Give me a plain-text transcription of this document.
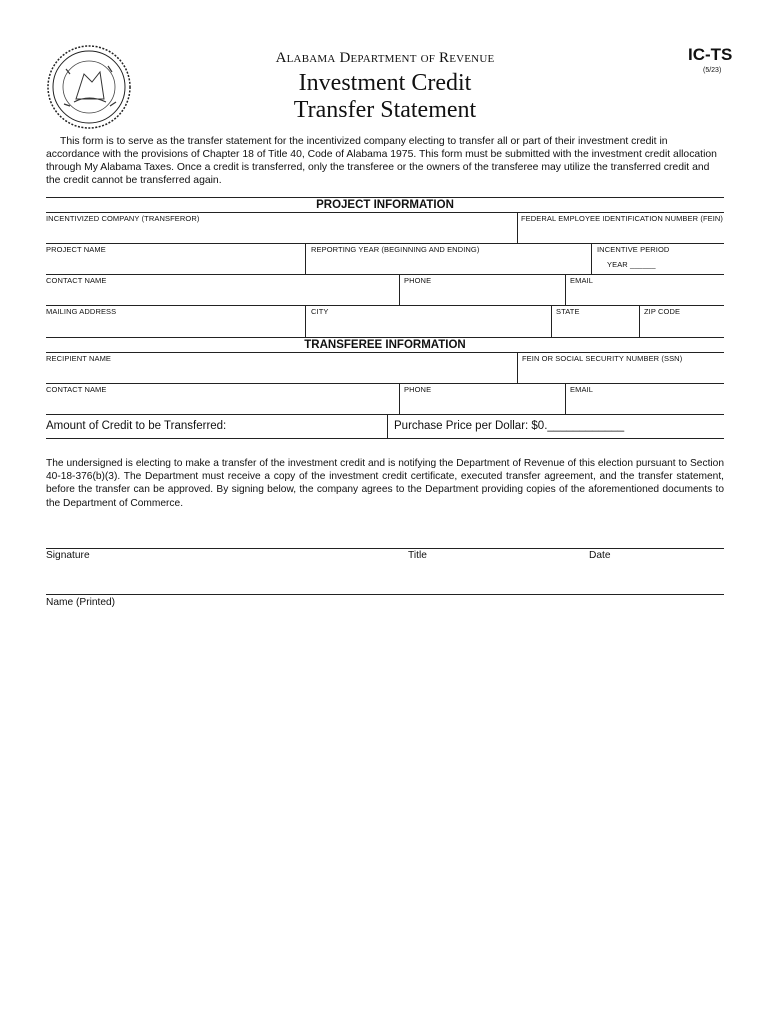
Alabama Department of Revenue
Investment Credit
Transfer Statement
IC-TS
(5/23)
This form is to serve as the transfer statement for the incentivized company electing to transfer all or part of their investment credit in accordance with the provisions of Chapter 18 of Title 40, Code of Alabama 1975. This form must be submitted with the investment credit allocation through My Alabama Taxes. Once a credit is transferred, only the transferee or the owners of the transferee may utilize the transferred credit and the credit cannot be transferred again.
PROJECT INFORMATION
INCENTIVIZED COMPANY (TRANSFEROR)	FEDERAL EMPLOYEE IDENTIFICATION NUMBER (FEIN)
PROJECT NAME	REPORTING YEAR (BEGINNING AND ENDING)	INCENTIVE PERIOD
YEAR ______
CONTACT NAME	PHONE	EMAIL
MAILING ADDRESS	CITY	STATE	ZIP CODE
TRANSFEREE INFORMATION
RECIPIENT NAME	FEIN OR SOCIAL SECURITY NUMBER (SSN)
CONTACT NAME	PHONE	EMAIL
Amount of Credit to be Transferred:	Purchase Price per Dollar: $0.____________
The undersigned is electing to make a transfer of the investment credit and is notifying the Department of Revenue of this election pursuant to Section 40-18-376(b)(3). The Department must receive a copy of the investment credit certificate, executed transfer agreement, and the transfer statement, before the transfer can be approved. By signing below, the company agrees to the Department providing copies of the aforementioned documents to the Department of Commerce.
Signature	Title	Date
Name (Printed)
